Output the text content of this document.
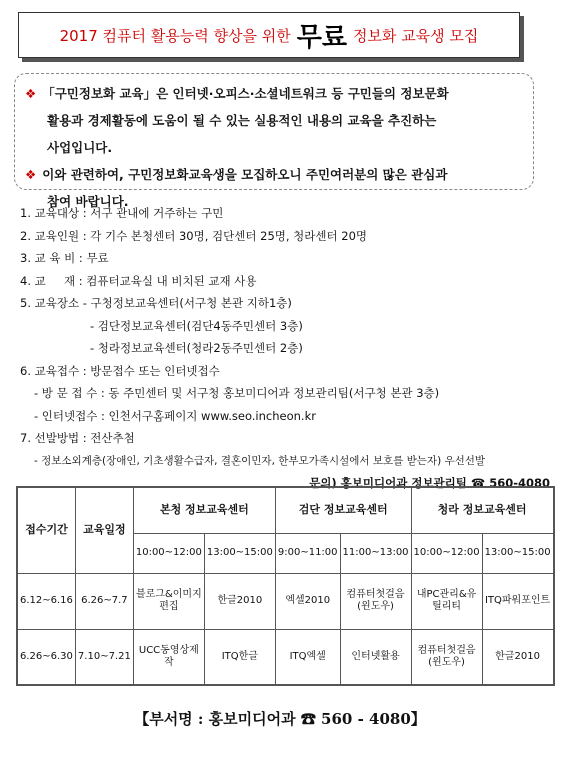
2017 컴퓨터 활용능력 향상을 위한 무료 정보화 교육생 모집

❖ 「구민정보화 교육」은 인터넷·오피스·소셜네트워크 등 구민들의 정보문화

활용과 경제활동에 도움이 될 수 있는 실용적인 내용의 교육을 추진하는

사업입니다.

❖ 이와 관련하여, 구민정보화교육생을 모집하오니 주민여러분의 많은 관심과

참여 바랍니다.

1. 교육대상 : 서구 관내에 거주하는 구민
2. 교육인원 : 각 기수 본청센터 30명, 검단센터 25명, 청라센터 20명
3. 교 육 비 : 무료
4. 교     재 : 컴퓨터교육실 내 비치된 교재 사용
5. 교육장소 - 구청정보교육센터(서구청 본관 지하1층)
- 검단정보교육센터(검단4동주민센터 3층)
- 청라정보교육센터(청라2동주민센터 2층)
6. 교육접수 : 방문접수 또는 인터넷접수
- 방 문 접 수 : 동 주민센터 및 서구청 홍보미디어과 정보관리팀(서구청 본관 3층)
- 인터넷접수 : 인천서구홈페이지 www.seo.incheon.kr
7. 선발방법 : 전산추첨
- 정보소외계층(장애인, 기초생활수급자, 결혼이민자, 한부모가족시설에서 보호를 받는자) 우선선발
문의) 홍보미디어과 정보관리팀 ☎ 560-4080
접수기간	교육일정	본청 정보교육센터		검단 정보교육센터		청라 정보교육센터	
		10:00~12:00	13:00~15:00	9:00~11:00	11:00~13:00	10:00~12:00	13:00~15:00
6.12~6.16	6.26~7.7	블로그&이미지편집	한글2010	엑셀2010	컴퓨터첫걸음(윈도우)	내PC관리&유틸리티	ITQ파워포인트
6.26~6.30	7.10~7.21	UCC동영상제작	ITQ한글	ITQ엑셀	인터넷활용	컴퓨터첫걸음(윈도우)	한글2010
【부서명 : 홍보미디어과 ☎ 560 - 4080】
